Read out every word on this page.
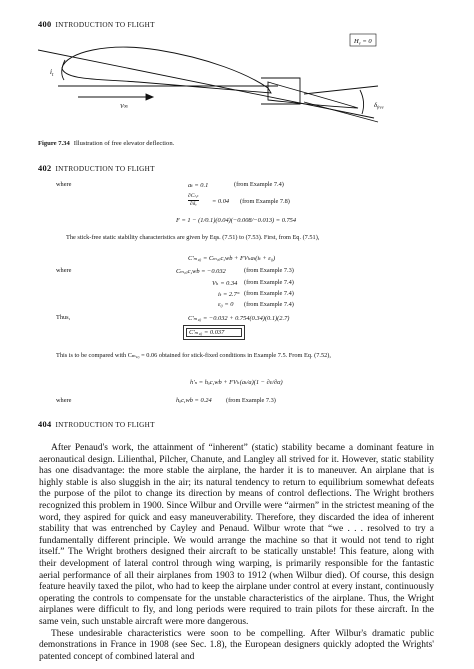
400 INTRODUCTION TO FLIGHT
$i_t$
V∞
$H_e = 0$
$\delta_{free}$
Figure 7.34 Illustration of free elevator deflection.
402 INTRODUCTION TO FLIGHT
where	aₜ = 0.1	(from Example 7.4)
$\frac{\text{∂Cₗ,ₜ}}{\text{∂δₑ}} = 0.04$ (from Example 7.8)
F = 1 − (1/0.1)(0.04)(−0.008/−0.013) = 0.754
The stick-free static stability characteristics are given by Eqs. (7.51) to (7.53). First, from Eq. (7.51),
C′ₘ,₀ = Cₘ,ₐc,wb + FVₕaₜ(iₜ + ε₀)
where	Cₘ,ₐc,wb = −0.032	(from Example 7.3)
Vₕ = 0.34 (from Example 7.4)
iₜ = 2.7° (from Example 7.4)
ε₀ = 0 (from Example 7.4)
Thus,	C′ₘ,₀ = −0.032 + 0.754(0.34)(0.1)(2.7)
C′ₘ,₀ = 0.037
This is to be compared with Cₘ,₀ = 0.06 obtained for stick-fixed conditions in Example 7.5. From Eq. (7.52),
h′ₙ = hₐc,wb + FVₕ(aₜ/a)(1 − ∂ε/∂α)
where	hₐc,wb = 0.24 (from Example 7.3)
404 INTRODUCTION TO FLIGHT

After Penaud's work, the attainment of “inherent” (static) stability became a dominant feature in aeronautical design. Lilienthal, Pilcher, Chanute, and Langley all strived for it. However, static stability has one disadvantage: the more stable the airplane, the harder it is to maneuver. An airplane that is highly stable is also sluggish in the air; its natural tendency to return to equilibrium somewhat defeats the purpose of the pilot to change its direction by means of control deflections. The Wright brothers recognized this problem in 1900. Since Wilbur and Orville were “airmen” in the strictest meaning of the word, they aspired for quick and easy maneuverability. Therefore, they discarded the idea of inherent stability that was entrenched by Cayley and Penaud. Wilbur wrote that “we . . . resolved to try a fundamentally different principle. We would arrange the machine so that it would not tend to right itself.” The Wright brothers designed their aircraft to be statically unstable! This feature, along with their development of lateral control through wing warping, is primarily responsible for the fantastic aerial performance of all their airplanes from 1903 to 1912 (when Wilbur died). Of course, this design feature heavily taxed the pilot, who had to keep the airplane under control at every instant, continuously operating the controls to compensate for the unstable characteristics of the airplane. Thus, the Wright airplanes were difficult to fly, and long periods were required to train pilots for these aircraft. In the same vein, such unstable aircraft were more dangerous.

These undesirable characteristics were soon to be compelling. After Wilbur's dramatic public demonstrations in France in 1908 (see Sec. 1.8), the European designers quickly adopted the Wrights' patented concept of combined lateral and
